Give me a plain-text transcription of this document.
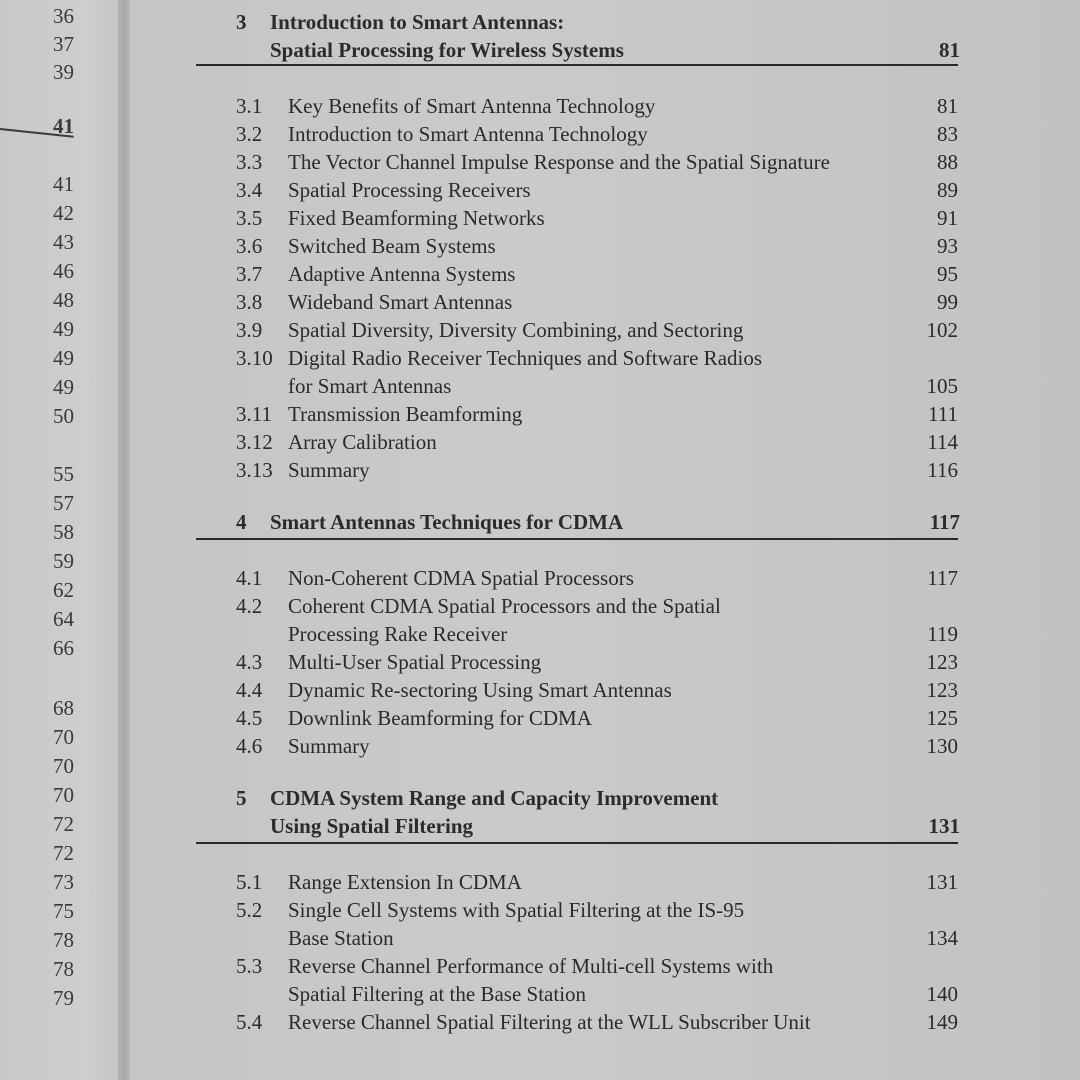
36
37
39
41
41
42
43
46
48
49
49
49
50
55
57
58
59
62
64
66
68
70
70
70
72
72
73
75
78
78
79
3	Introduction to Smart Antennas:
Spatial Processing for Wireless Systems	81
3.1 Key Benefits of Smart Antenna Technology	81
3.2 Introduction to Smart Antenna Technology	83
3.3 The Vector Channel Impulse Response and the Spatial Signature	88
3.4 Spatial Processing Receivers	89
3.5 Fixed Beamforming Networks	91
3.6 Switched Beam Systems	93
3.7 Adaptive Antenna Systems	95
3.8 Wideband Smart Antennas	99
3.9 Spatial Diversity, Diversity Combining, and Sectoring	102
3.10 Digital Radio Receiver Techniques and Software Radios
for Smart Antennas	105
3.11 Transmission Beamforming	111
3.12 Array Calibration	114
3.13 Summary	116
4	Smart Antennas Techniques for CDMA	117
4.1 Non-Coherent CDMA Spatial Processors	117
4.2 Coherent CDMA Spatial Processors and the Spatial
Processing Rake Receiver	119
4.3 Multi-User Spatial Processing	123
4.4 Dynamic Re-sectoring Using Smart Antennas	123
4.5 Downlink Beamforming for CDMA	125
4.6 Summary	130
5	CDMA System Range and Capacity Improvement
Using Spatial Filtering	131
5.1 Range Extension In CDMA	131
5.2 Single Cell Systems with Spatial Filtering at the IS-95
Base Station	134
5.3 Reverse Channel Performance of Multi-cell Systems with
Spatial Filtering at the Base Station	140
5.4 Reverse Channel Spatial Filtering at the WLL Subscriber Unit	149
